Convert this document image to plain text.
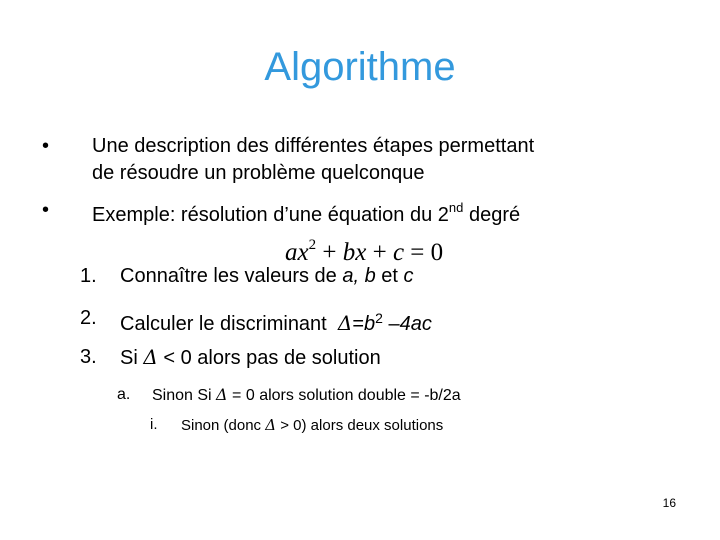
Algorithme
• Une description des différentes étapes permettant
de résoudre un problème quelconque
• Exemple: résolution d’une équation du 2nd degré
$ax^2$ + bx + c = 0
1. Connaître les valeurs de a, b et c
2. Calculer le discriminant  $\Delta=b^2$ –4ac
3. Si Δ < 0 alors pas de solution
a. Sinon Si Δ = 0 alors solution double = -b/2a
i. Sinon (donc Δ > 0) alors deux solutions
16
